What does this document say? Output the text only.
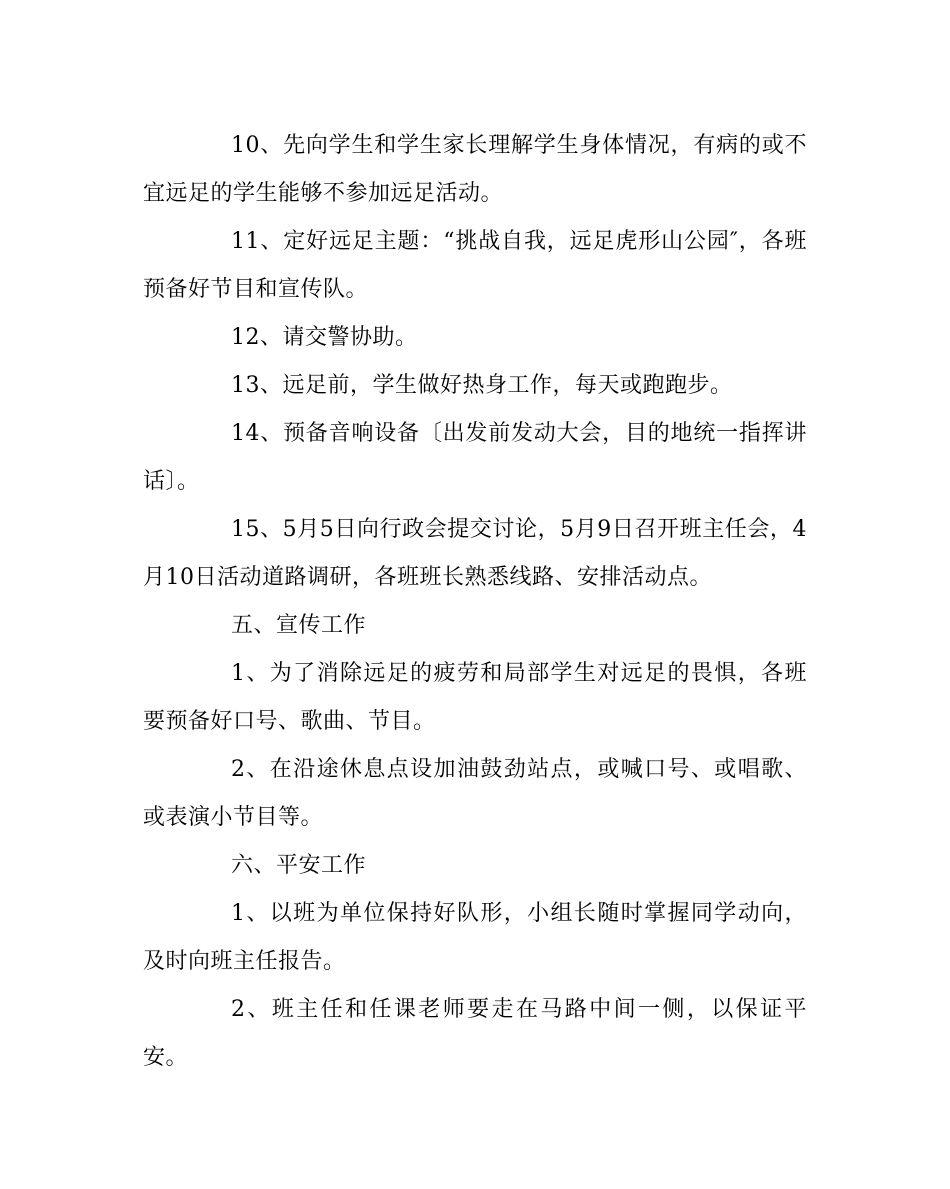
10、先向学生和学生家长理解学生身体情况，有病的或不宜远足的学生能够不参加远足活动。

11、定好远足主题：“挑战自我，远足虎形山公园″，各班预备好节目和宣传队。

12、请交警协助。

13、远足前，学生做好热身工作，每天或跑跑步。

14、预备音响设备〔出发前发动大会，目的地统一指挥讲话〕。

15、5月5日向行政会提交讨论，5月9日召开班主任会，4月10日活动道路调研，各班班长熟悉线路、安排活动点。

五、宣传工作

1、为了消除远足的疲劳和局部学生对远足的畏惧，各班要预备好口号、歌曲、节目。

2、在沿途休息点设加油鼓劲站点，或喊口号、或唱歌、或表演小节目等。

六、平安工作

1、以班为单位保持好队形，小组长随时掌握同学动向，及时向班主任报告。

2、班主任和任课老师要走在马路中间一侧，以保证平安。
